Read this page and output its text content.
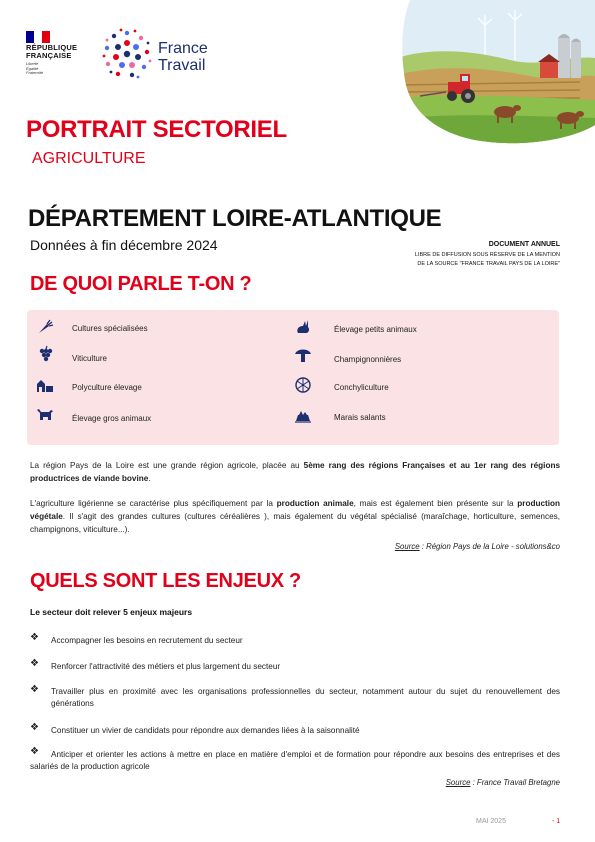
RÉPUBLIQUE
FRANÇAISE
Liberté
Égalité
Fraternité
France
Travail
PORTRAIT SECTORIEL
AGRICULTURE
DÉPARTEMENT LOIRE-ATLANTIQUE
Données à fin décembre 2024	DOCUMENT ANNUEL
LIBRE DE DIFFUSION SOUS RÉSERVE DE LA MENTION
DE LA SOURCE "FRANCE TRAVAIL PAYS DE LA LOIRE"
DE QUOI PARLE T-ON ?
Cultures spécialisées
Viticulture
Polyculture élevage
Élevage gros animaux
Élevage petits animaux
Champignonnières
Conchyliculture
Marais salants
La région Pays de la Loire est une grande région agricole, placée au 5ème rang des régions Françaises et au 1er rang des régions productrices de viande bovine.
L'agriculture ligérienne se caractérise plus spécifiquement par la production animale, mais est également bien présente sur la production végétale. Il s'agit des grandes cultures (cultures céréalières ), mais également du végétal spécialisé (maraîchage, horticulture, semences, champignons, viticulture...).
Source : Région Pays de la Loire - solutions&co
QUELS SONT LES ENJEUX ?
Le secteur doit relever 5 enjeux majeurs
❖ Accompagner les besoins en recrutement du secteur
❖ Renforcer l'attractivité des métiers et plus largement du secteur
❖ Travailler plus en proximité avec les organisations professionnelles du secteur, notamment autour du sujet du renouvellement des générations
❖ Constituer un vivier de candidats pour répondre aux demandes liées à la saisonnalité
❖	Anticiper et orienter les actions à mettre en place en matière d'emploi et de formation pour répondre aux besoins des entreprises et des salariés de la production agricole
Source : France Travail Bretagne
MAI 2025	- 1
